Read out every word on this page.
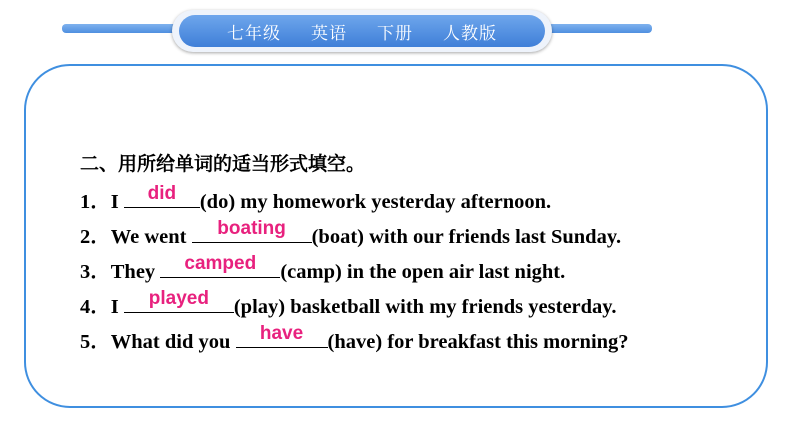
七年级 英语 下册 人教版
二、用所给单词的适当形式填空。
1．I	did	(do) my homework yesterday afternoon.
2．We went	boating	(boat) with our friends last Sunday.
3．They	camped	(camp) in the open air last night.
4．I	played	(play) basketball with my friends yesterday.
5．What did you	have	(have) for breakfast this morning?
